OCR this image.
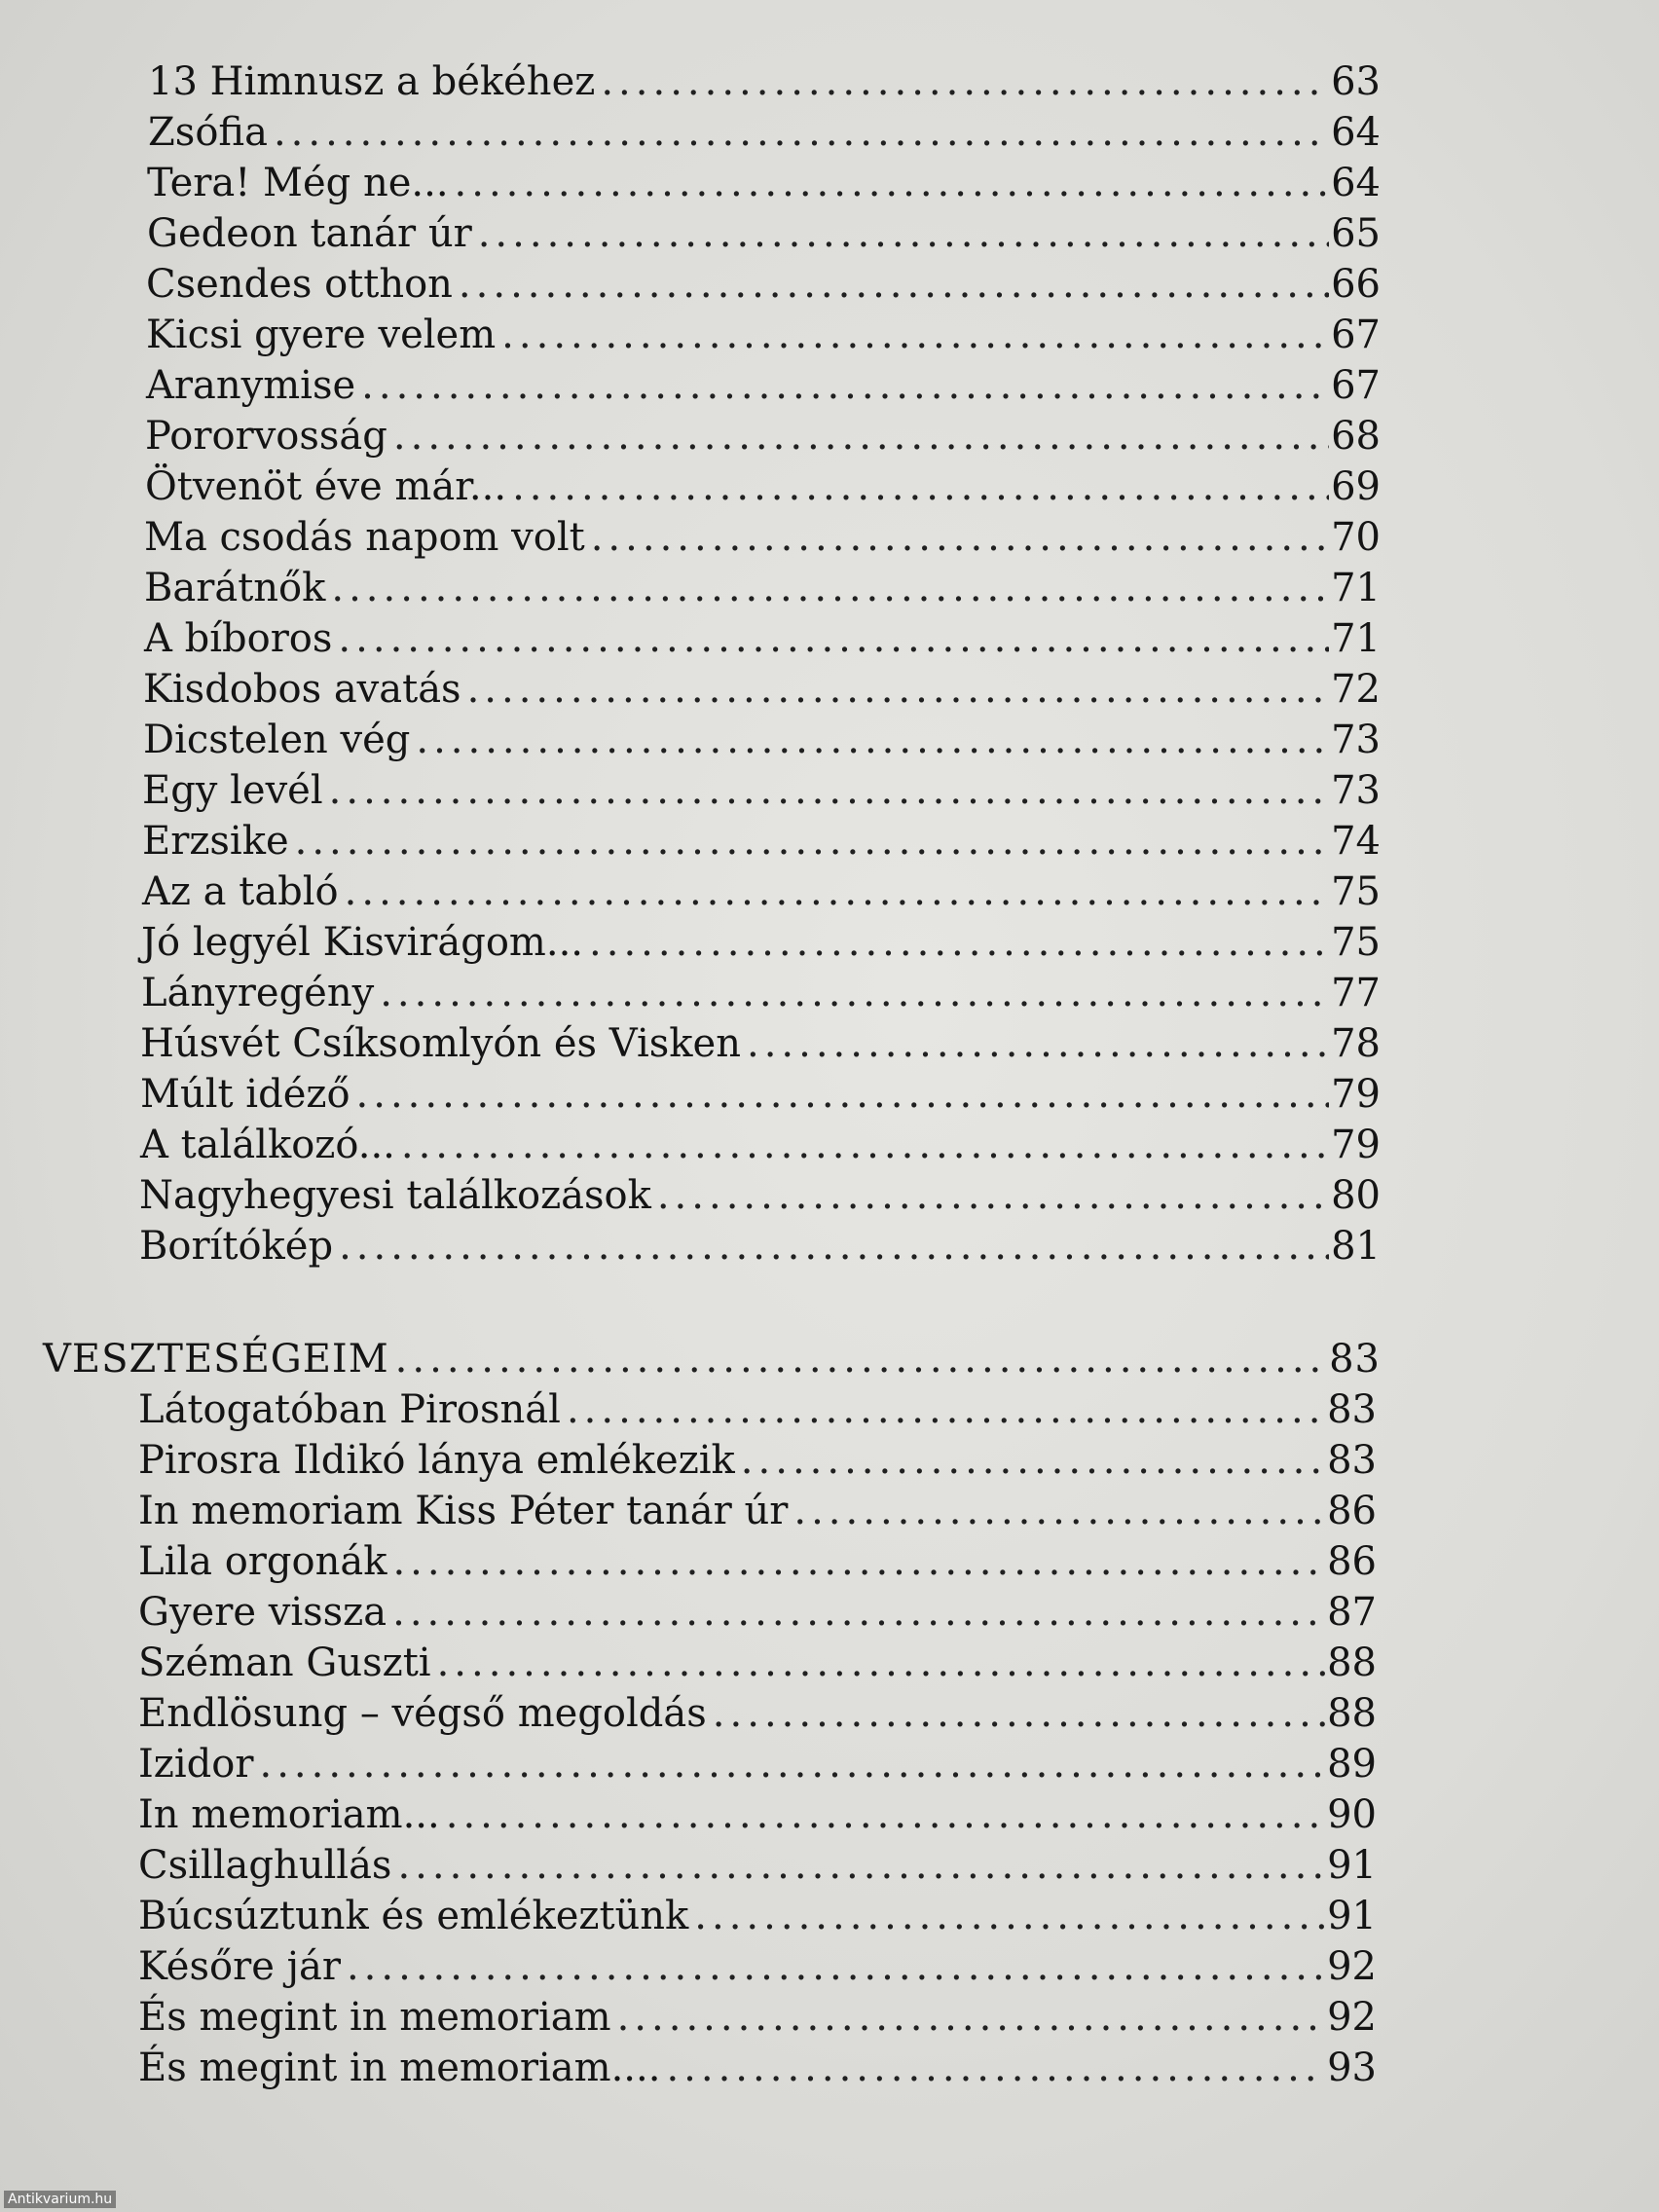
13 Himnusz a békéhez .....	63
Zsófia .....	64
Tera! Még ne... .....	64
Gedeon tanár úr .....	65
Csendes otthon .....	66
Kicsi gyere velem .....	67
Aranymise .....	67
Pororvosság .....	68
Ötvenöt éve már... .....	69
Ma csodás napom volt .....	70
Barátnők .....	71
A bíboros .....	71
Kisdobos avatás .....	72
Dicstelen vég .....	73
Egy levél .....	73
Erzsike .....	74
Az a tabló .....	75
Jó legyél Kisvirágom... .....	75
Lányregény .....	77
Húsvét Csíksomlyón és Visken .....	78
Múlt idéző .....	79
A találkozó... .....	79
Nagyhegyesi találkozások .....	80
Borítókép .....	81
VESZTESÉGEIM .....	83
Látogatóban Pirosnál .....	83
Pirosra Ildikó lánya emlékezik .....	83
In memoriam Kiss Péter tanár úr .....	86
Lila orgonák .....	86
Gyere vissza .....	87
Széman Guszti .....	88
Endlösung – végső megoldás .....	88
Izidor .....	89
In memoriam... .....	90
Csillaghullás .....	91
Búcsúztunk és emlékeztünk .....	91
Későre jár .....	92
És megint in memoriam .....	92
És megint in memoriam.... .....	93
Antikvarium.hu
